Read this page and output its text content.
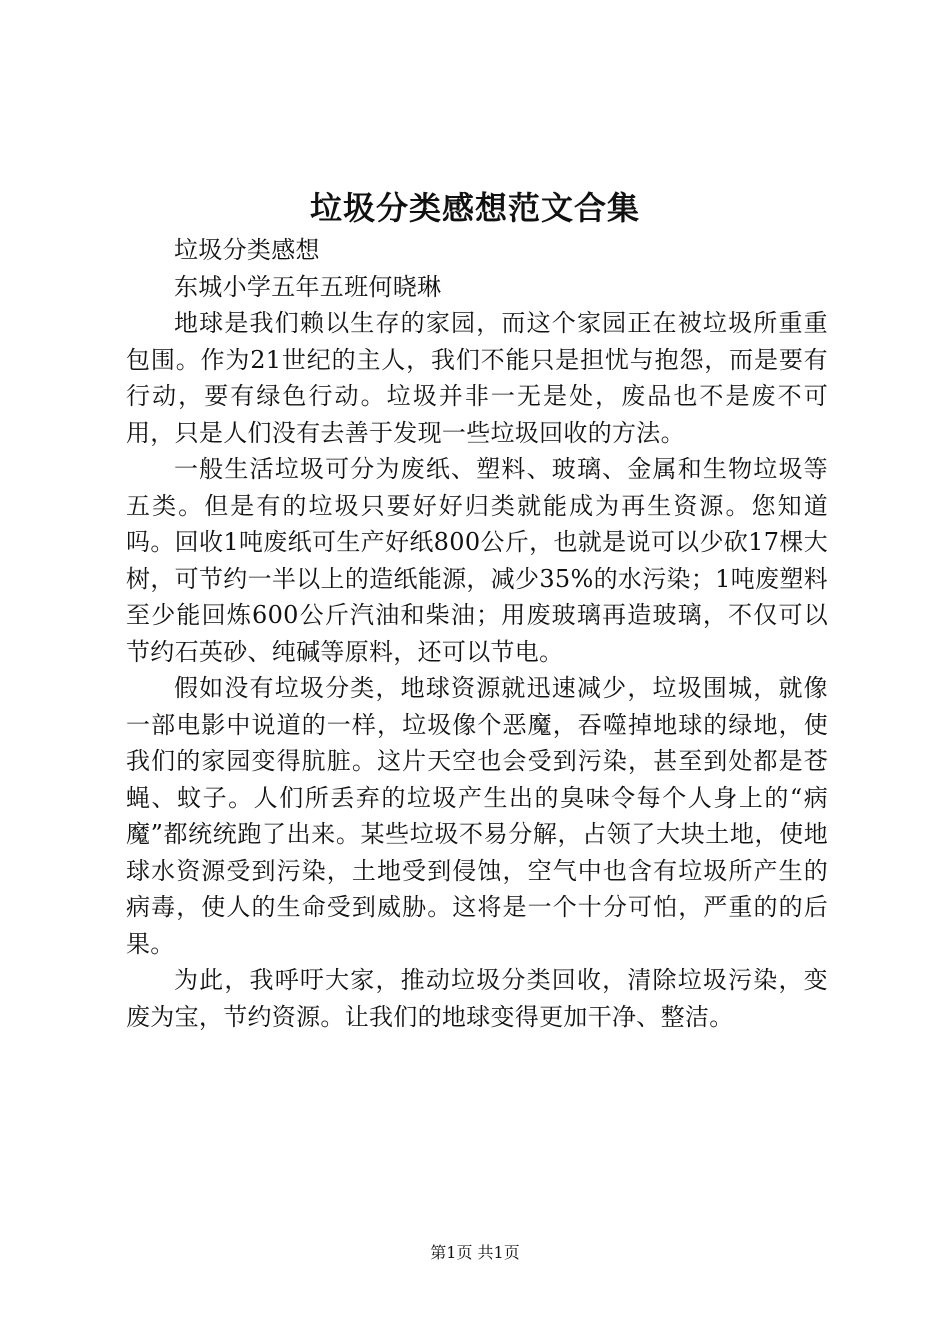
垃圾分类感想范文合集

垃圾分类感想

东城小学五年五班何晓琳

地球是我们赖以生存的家园，而这个家园正在被垃圾所重重包围。作为21世纪的主人，我们不能只是担忧与抱怨，而是要有行动，要有绿色行动。垃圾并非一无是处，废品也不是废不可用，只是人们没有去善于发现一些垃圾回收的方法。

一般生活垃圾可分为废纸、塑料、玻璃、金属和生物垃圾等五类。但是有的垃圾只要好好归类就能成为再生资源。您知道吗。回收1吨废纸可生产好纸800公斤，也就是说可以少砍17棵大树，可节约一半以上的造纸能源，减少35%的水污染；1吨废塑料至少能回炼600公斤汽油和柴油；用废玻璃再造玻璃，不仅可以节约石英砂、纯碱等原料，还可以节电。

假如没有垃圾分类，地球资源就迅速减少，垃圾围城，就像一部电影中说道的一样，垃圾像个恶魔，吞噬掉地球的绿地，使我们的家园变得肮脏。这片天空也会受到污染，甚至到处都是苍蝇、蚊子。人们所丢弃的垃圾产生出的臭味令每个人身上的“病魔”都统统跑了出来。某些垃圾不易分解，占领了大块土地，使地球水资源受到污染，土地受到侵蚀，空气中也含有垃圾所产生的病毒，使人的生命受到威胁。这将是一个十分可怕，严重的的后果。

为此，我呼吁大家，推动垃圾分类回收，清除垃圾污染，变废为宝，节约资源。让我们的地球变得更加干净、整洁。

第1页 共1页
